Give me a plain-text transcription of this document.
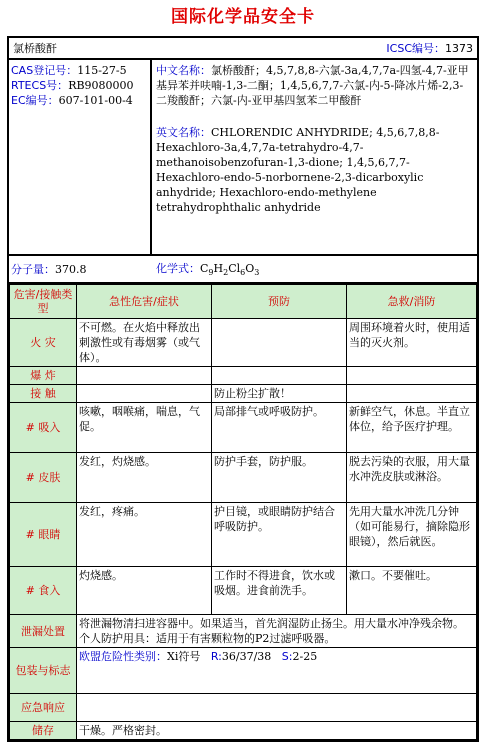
国际化学品安全卡
氯桥酸酐	ICSC编号：1373
CAS登记号：115-27-5
RTECS号：RB9080000
EC编号：607-101-00-4
中文名称：氯桥酸酐；4,5,7,8,8-六氯-3a,4,7,7a-四氢-4,7-亚甲基异苯并呋喃-1,3-二酮；1,4,5,6,7,7-六氯-内-5-降冰片烯-2,3-二羧酸酐；六氯-内-亚甲基四氢苯二甲酸酐
英文名称：CHLORENDIC ANHYDRIDE; 4,5,6,7,8,8-Hexachloro-3a,4,7,7a-tetrahydro-4,7-methanoisobenzofuran-1,3-dione; 1,4,5,6,7,7-Hexachloro-endo-5-norbornene-2,3-dicarboxylic anhydride; Hexachloro-endo-methylene tetrahydrophthalic anhydride
分子量：370.8	化学式：$C_9H_2Cl_6O_3$
危害/接触类型	急性危害/症状	预防	急救/消防
火 灾	不可燃。在火焰中释放出刺激性或有毒烟雾（或气体）。		周围环境着火时，使用适当的灭火剂。
爆 炸			
接 触		防止粉尘扩散！	
# 吸入	咳嗽，咽喉痛，喘息，气促。	局部排气或呼吸防护。	新鲜空气，休息。半直立体位，给予医疗护理。
# 皮肤	发红，灼烧感。	防护手套，防护服。	脱去污染的衣服，用大量水冲洗皮肤或淋浴。
# 眼睛	发红，疼痛。	护目镜，或眼睛防护结合呼吸防护。	先用大量水冲洗几分钟（如可能易行，摘除隐形眼镜），然后就医。
# 食入	灼烧感。	工作时不得进食，饮水或吸烟。进食前洗手。	漱口。不要催吐。
泄漏处置	将泄漏物清扫进容器中。如果适当，首先润湿防止扬尘。用大量水冲净残余物。个人防护用具：适用于有害颗粒物的P2过滤呼吸器。		
包装与标志	欧盟危险性类别：Xi符号 R:36/37/38 S:2-25		
应急响应			
储存	干燥。严格密封。		
